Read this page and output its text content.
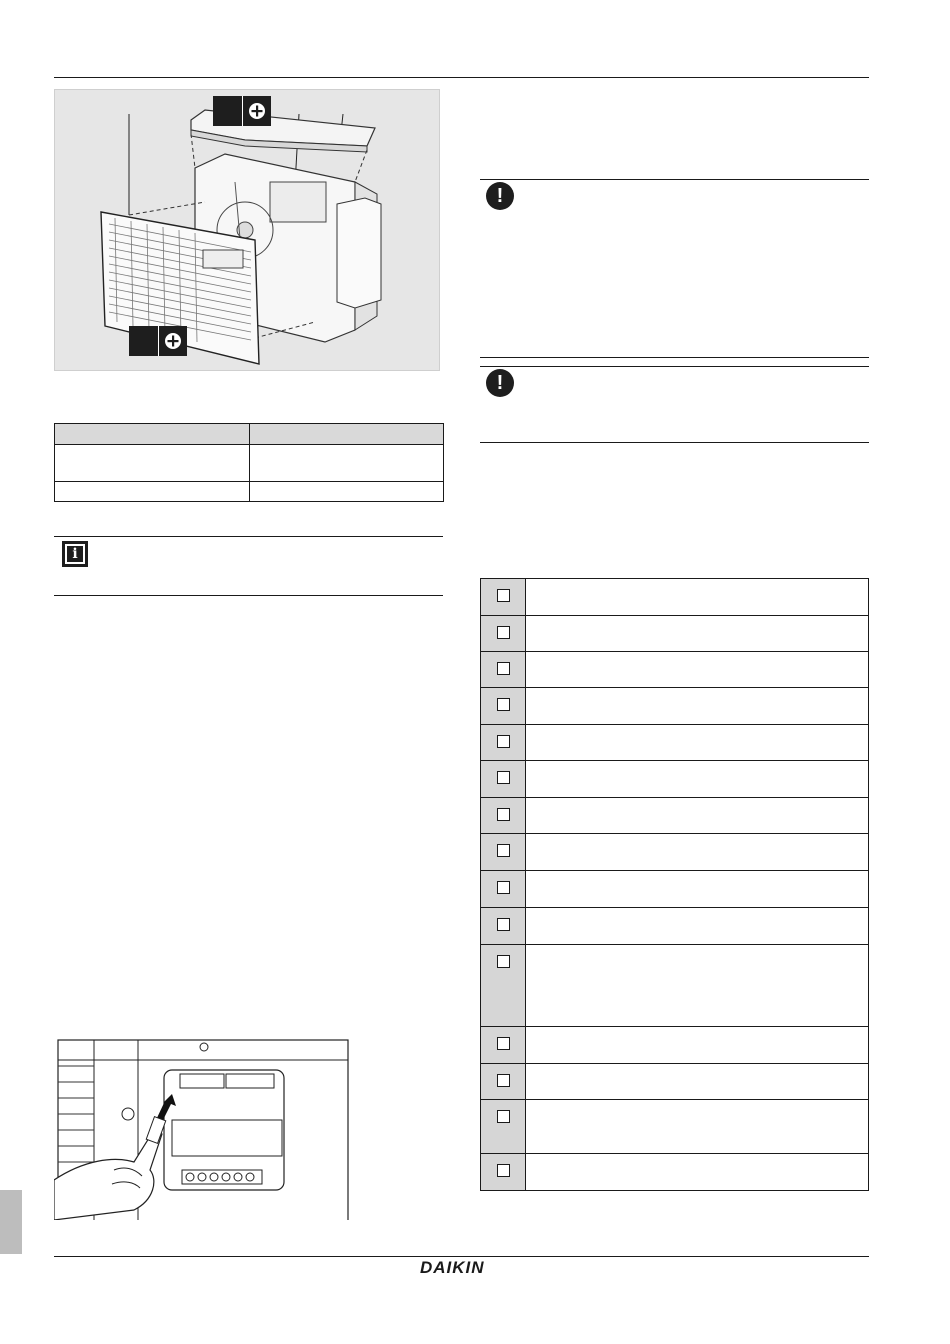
i
!
!
DAIKIN
